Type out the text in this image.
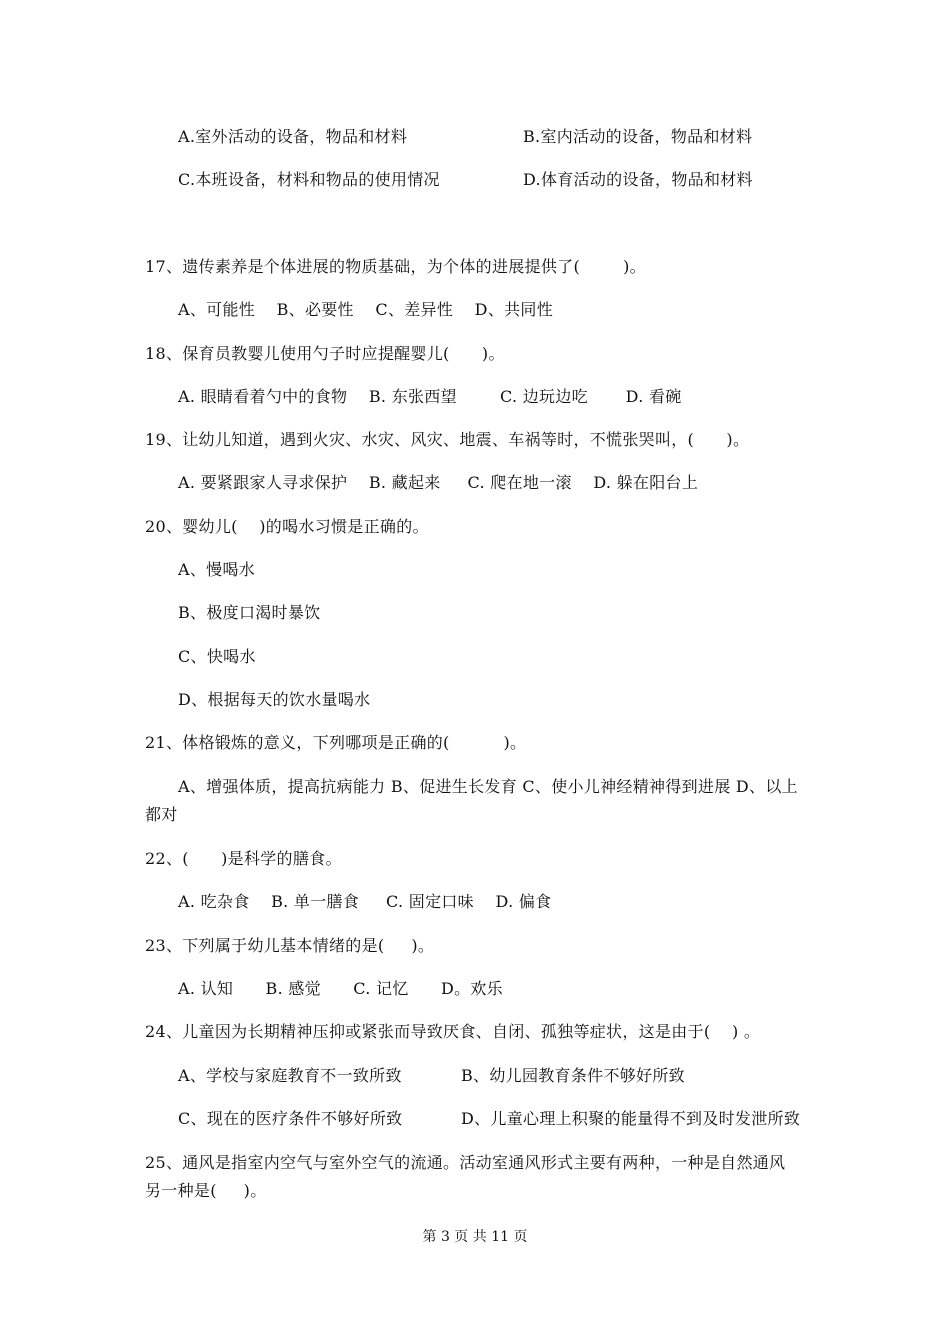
A.室外活动的设备，物品和材料	B.室内活动的设备，物品和材料
C.本班设备，材料和物品的使用情况	D.体育活动的设备，物品和材料
17、遗传素养是个体进展的物质基础，为个体的进展提供了(        )。
A、可能性    B、必要性    C、差异性    D、共同性
18、保育员教婴儿使用勺子时应提醒婴儿(      )。
A. 眼睛看着勺中的食物    B. 东张西望        C. 边玩边吃       D. 看碗
19、让幼儿知道，遇到火灾、水灾、风灾、地震、车祸等时，不慌张哭叫，(      )。
A. 要紧跟家人寻求保护    B. 藏起来     C. 爬在地一滚    D. 躲在阳台上
20、婴幼儿(    )的喝水习惯是正确的。
A、慢喝水
B、极度口渴时暴饮
C、快喝水
D、根据每天的饮水量喝水
21、体格锻炼的意义，下列哪项是正确的(          )。
A、增强体质，提高抗病能力 B、促进生长发育 C、使小儿神经精神得到进展 D、以上
都对
22、(      )是科学的膳食。
A. 吃杂食    B. 单一膳食     C. 固定口味    D. 偏食
23、下列属于幼儿基本情绪的是(     )。
A. 认知      B. 感觉      C. 记忆      D。欢乐
24、儿童因为长期精神压抑或紧张而导致厌食、自闭、孤独等症状，这是由于(    ) 。
A、学校与家庭教育不一致所致	B、幼儿园教育条件不够好所致
C、现在的医疗条件不够好所致	D、儿童心理上积聚的能量得不到及时发泄所致
25、通风是指室内空气与室外空气的流通。活动室通风形式主要有两种，一种是自然通风
另一种是(     )。
第 3 页 共 11 页
